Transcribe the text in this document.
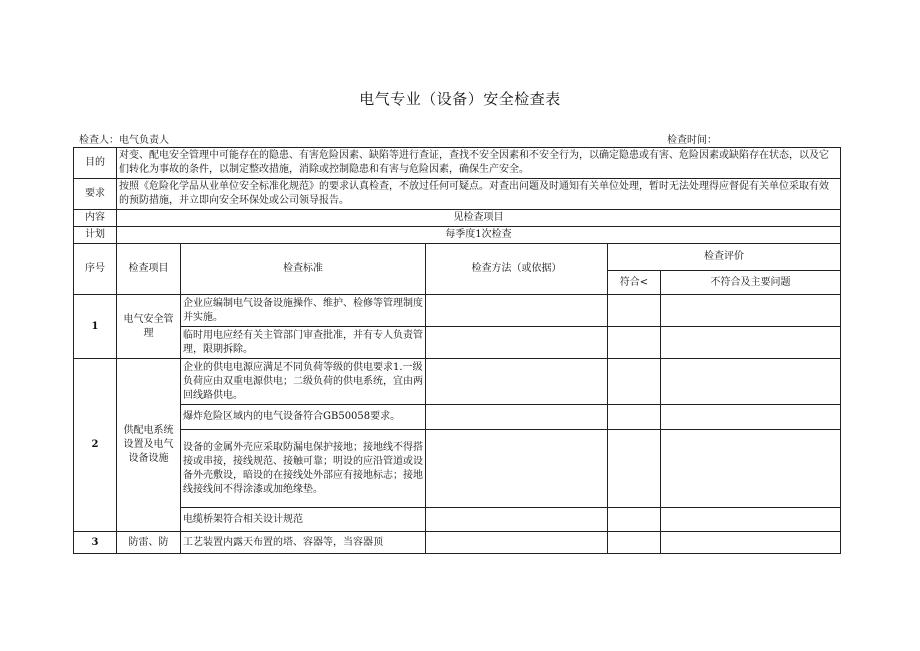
电气专业（设备）安全检查表
检查人：电气负责人	检查时间：
目的	对变、配电安全管理中可能存在的隐患、有害危险因素、缺陷等进行查证，查找不安全因素和不安全行为，以确定隐患或有害、危险因素或缺陷存在状态，以及它们转化为事故的条件，以制定整改措施，消除或控制隐患和有害与危险因素，确保生产安全。				
要求	按照《危险化学品从业单位安全标准化规范》的要求认真检查，不放过任何可疑点。对查出问题及时通知有关单位处理，暂时无法处理得应督促有关单位采取有效的预防措施，并立即向安全环保处或公司领导报告。				
内容	见检查项目				
计划	每季度1次检查				
序号	检查项目	检查标准	检查方法（或依据）	检查评价	
				符合<	不符合及主要问题
1	电气安全管理	企业应编制电气设备设施操作、维护、检修等管理制度并实施。			
		临时用电应经有关主管部门审查批准，并有专人负责管理，限期拆除。			
2	供配电系统设置及电气设备设施	企业的供电电源应满足不同负荷等级的供电要求1.一级负荷应由双重电源供电；二级负荷的供电系统，宜由两回线路供电。			
		爆炸危险区域内的电气设备符合GB50058要求。			
		设备的金属外壳应采取防漏电保护接地；接地线不得搭接或串接，接线规范、接触可靠；明设的应沿管道或设备外壳敷设，暗设的在接线处外部应有接地标志；接地线接线间不得涂漆或加绝缘垫。			
		电缆桥架符合相关设计规范			
3	防雷、防	工艺装置内露天布置的塔、容器等，当容器顶			
